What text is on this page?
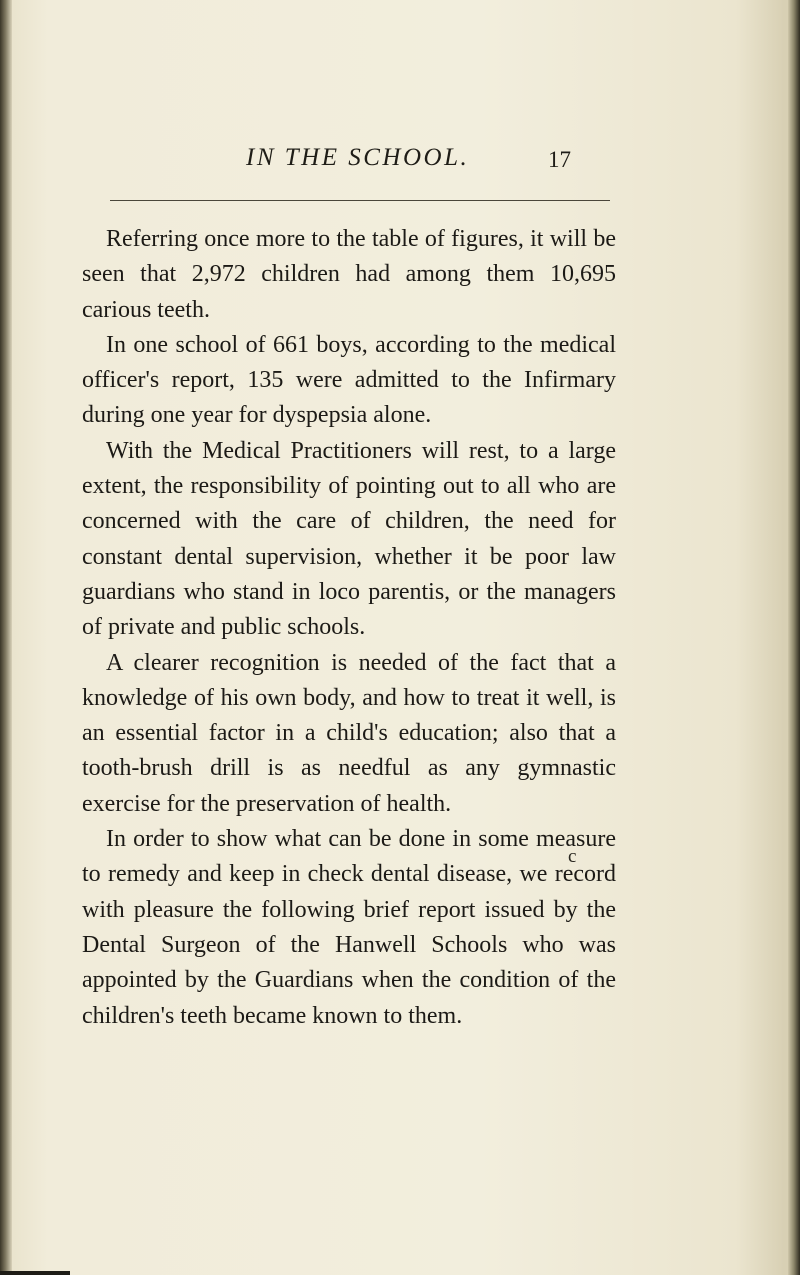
IN THE SCHOOL.	17

Referring once more to the table of figures, it will be seen that 2,972 children had among them 10,695 carious teeth.

In one school of 661 boys, according to the medical officer's report, 135 were admitted to the Infirmary during one year for dyspepsia alone.

With the Medical Practitioners will rest, to a large extent, the responsibility of pointing out to all who are concerned with the care of children, the need for constant dental supervision, whether it be poor law guardians who stand in loco parentis, or the managers of private and public schools.

A clearer recognition is needed of the fact that a knowledge of his own body, and how to treat it well, is an essential factor in a child's education; also that a tooth-brush drill is as needful as any gymnastic exercise for the preservation of health.

In order to show what can be done in some measure to remedy and keep in check dental disease, we record with pleasure the following brief report issued by the Dental Surgeon of the Hanwell Schools who was appointed by the Guardians when the condition of the children's teeth became known to them.

c
